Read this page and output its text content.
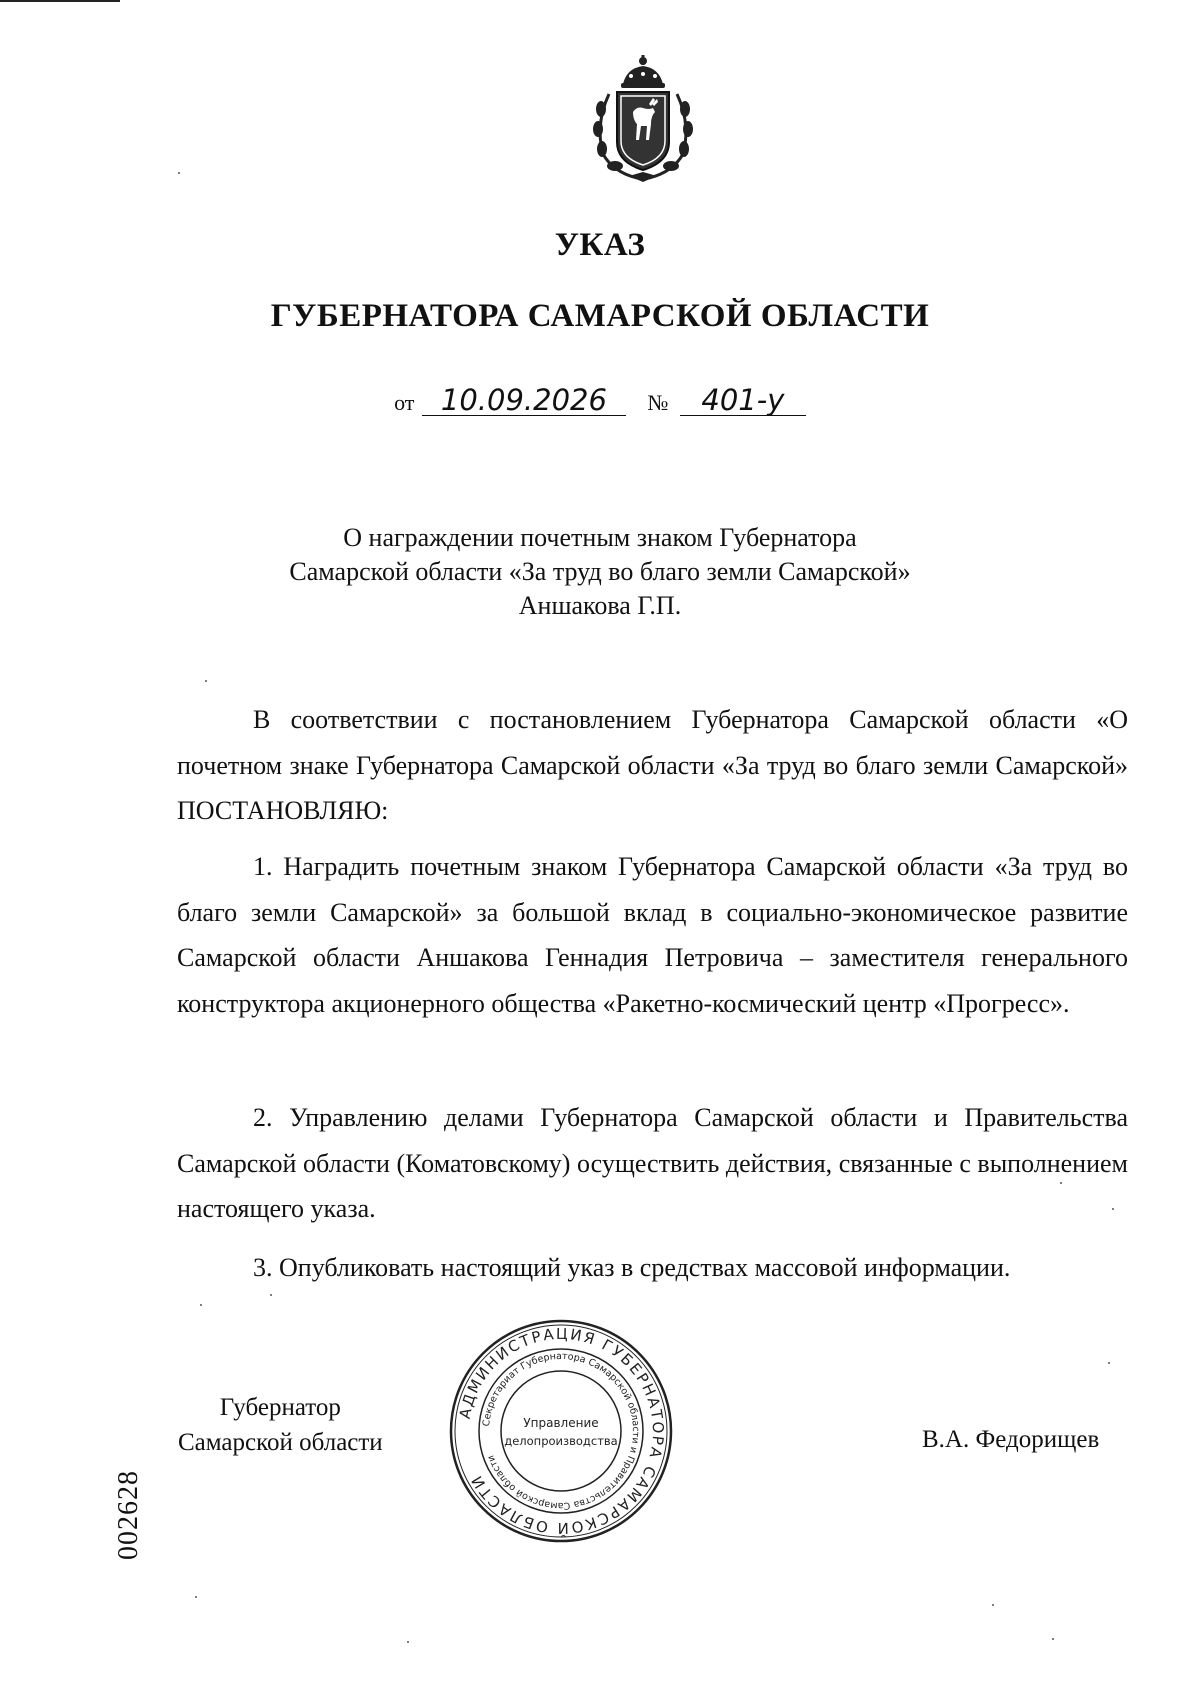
УКАЗ
ГУБЕРНАТОРА САМАРСКОЙ ОБЛАСТИ
от 10.09.2026 № 401-у
О награждении почетным знаком Губернатора
Самарской области «За труд во благо земли Самарской»
Аншакова Г.П.
В соответствии с постановлением Губернатора Самарской области «О почетном знаке Губернатора Самарской области «За труд во благо земли Самарской» ПОСТАНОВЛЯЮ:
1. Наградить почетным знаком Губернатора Самарской области «За труд во благо земли Самарской» за большой вклад в социально-экономическое развитие Самарской области Аншакова Геннадия Петровича – заместителя генерального конструктора акционерного общества «Ракетно-космический центр «Прогресс».
2. Управлению делами Губернатора Самарской области и Правительства Самарской области (Коматовскому) осуществить действия, связанные с выполнением настоящего указа.
3. Опубликовать настоящий указ в средствах массовой информации.
Губернатор
Самарской области
АДМИНИСТРАЦИЯ ГУБЕРНАТОРА САМАРСКОЙ ОБЛАСТИ
Секретариат Губернатора Самарской области и Правительства Самарской области
Управление
делопроизводства	В.А. Федорищев
002628
